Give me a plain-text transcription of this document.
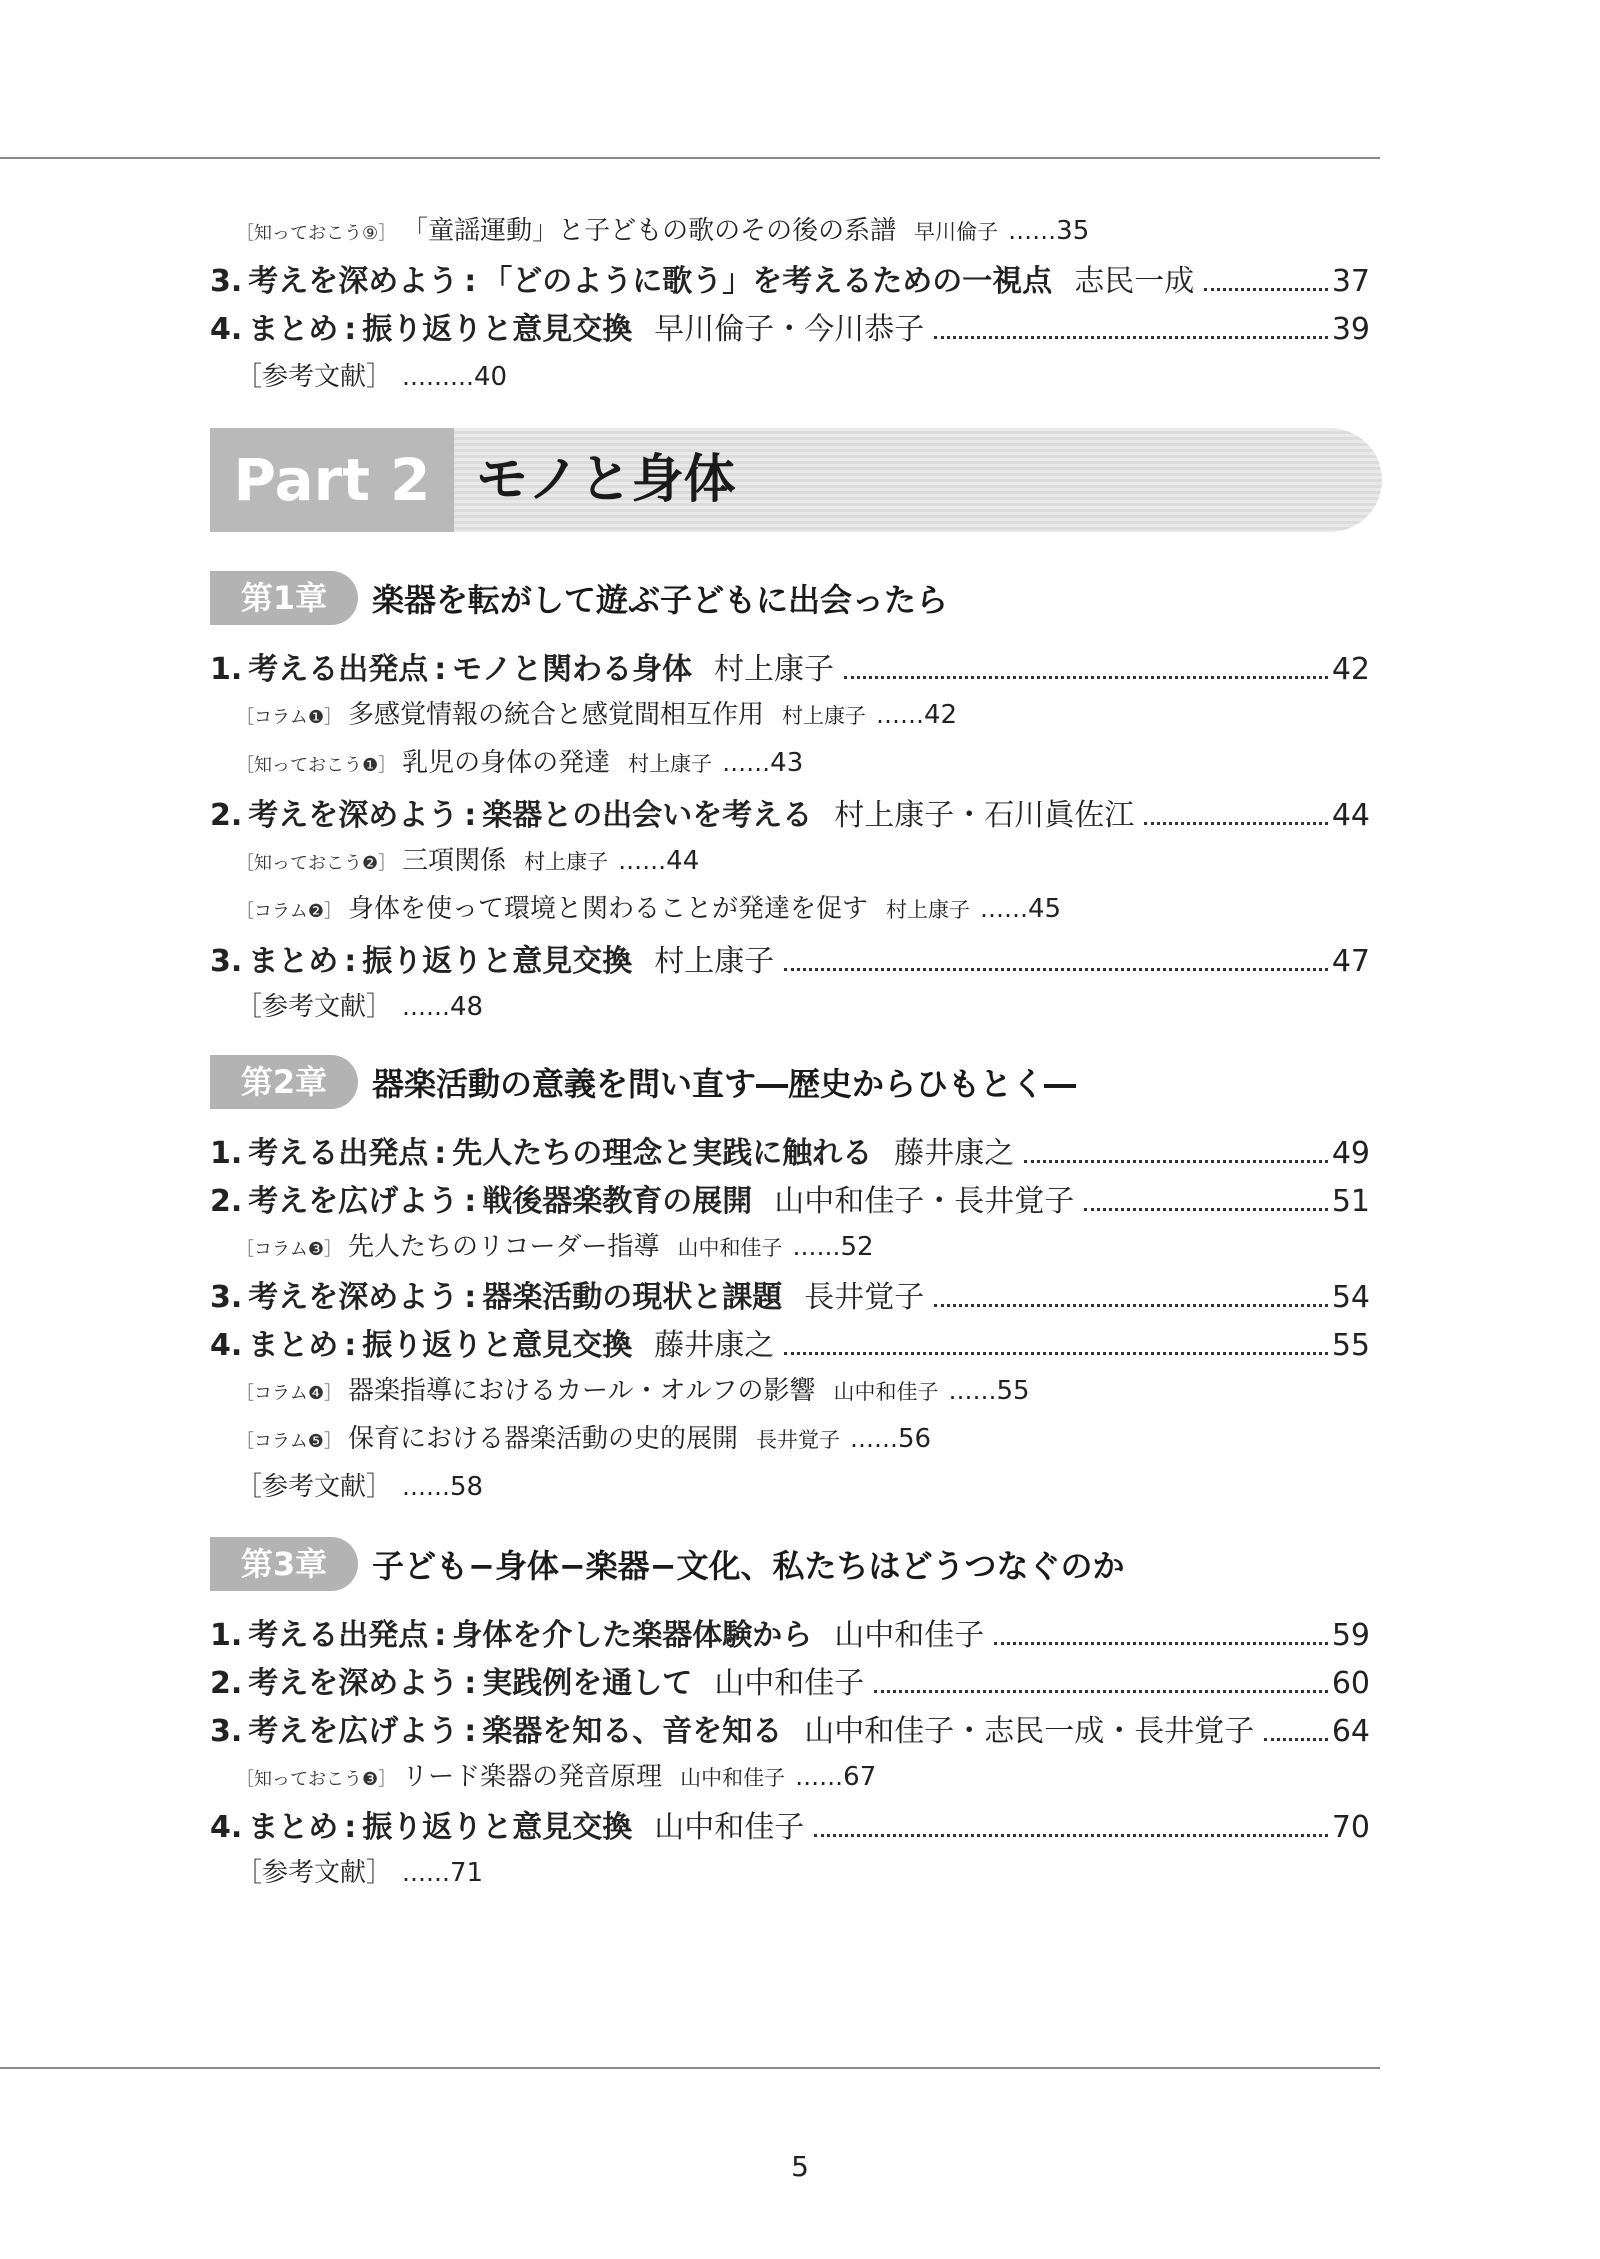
［知っておこう⑨］ 「童謡運動」と子どもの歌のその後の系譜 早川倫子 …… 35
3. 考えを深めよう : 「どのように歌う」を考えるための一視点 志民一成	37
4. まとめ : 振り返りと意見交換 早川倫子・今川恭子	39
［参考文献］ ……… 40
Part 2 モノと身体
第1章	楽器を転がして遊ぶ子どもに出会ったら
1. 考える出発点 : モノと関わる身体 村上康子	42
［コラム❶］ 多感覚情報の統合と感覚間相互作用 村上康子 …… 42
［知っておこう❶］ 乳児の身体の発達 村上康子 …… 43
2. 考えを深めよう : 楽器との出会いを考える 村上康子・石川眞佐江	44
［知っておこう❷］ 三項関係 村上康子 …… 44
［コラム❷］ 身体を使って環境と関わることが発達を促す 村上康子 …… 45
3. まとめ : 振り返りと意見交換 村上康子	47
［参考文献］ …… 48
第2章	器楽活動の意義を問い直す―歴史からひもとく―
1. 考える出発点 : 先人たちの理念と実践に触れる 藤井康之	49
2. 考えを広げよう : 戦後器楽教育の展開 山中和佳子・長井覚子	51
［コラム❸］ 先人たちのリコーダー指導 山中和佳子 …… 52
3. 考えを深めよう : 器楽活動の現状と課題 長井覚子	54
4. まとめ : 振り返りと意見交換 藤井康之	55
［コラム❹］ 器楽指導におけるカール・オルフの影響 山中和佳子 …… 55
［コラム❺］ 保育における器楽活動の史的展開 長井覚子 …… 56
［参考文献］ …… 58
第3章	子ども−身体−楽器−文化、私たちはどうつなぐのか
1. 考える出発点 : 身体を介した楽器体験から 山中和佳子	59
2. 考えを深めよう : 実践例を通して 山中和佳子	60
3. 考えを広げよう : 楽器を知る、音を知る 山中和佳子・志民一成・長井覚子	64
［知っておこう❸］ リード楽器の発音原理 山中和佳子 …… 67
4. まとめ : 振り返りと意見交換 山中和佳子	70
［参考文献］ …… 71
5
